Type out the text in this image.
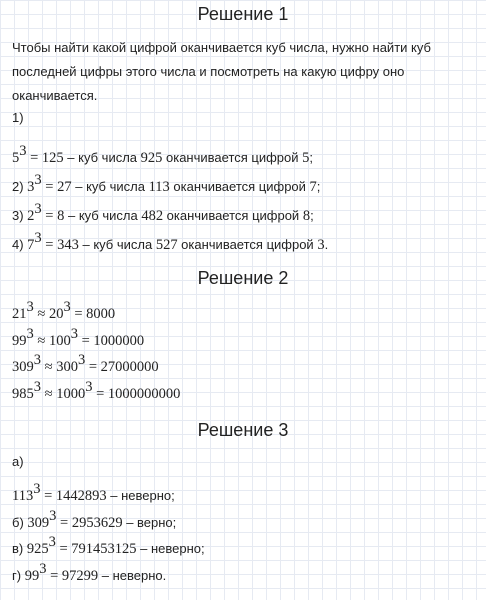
Решение 1
Чтобы найти какой цифрой оканчивается куб числа, нужно найти куб последней цифры этого числа и посмотреть на какую цифру оно оканчивается.
1)
$5^3 = 125$ – куб числа 925 оканчивается цифрой 5;
2) $3^3 = 27$ – куб числа 113 оканчивается цифрой 7;
3) $2^3 = 8$ – куб числа 482 оканчивается цифрой 8;
4) $7^3 = 343$ – куб числа 527 оканчивается цифрой 3.
Решение 2
$21^3 \approx 20^3 = 8000$
$99^3 \approx 100^3 = 1000000$
$309^3 \approx 300^3 = 27000000$
$985^3 \approx 1000^3 = 1000000000$
Решение 3
а)
$113^3 = 1442893$ – неверно;
б) $309^3 = 2953629$ – верно;
в) $925^3 = 791453125$ – неверно;
г) $99^3 = 97299$ – неверно.
